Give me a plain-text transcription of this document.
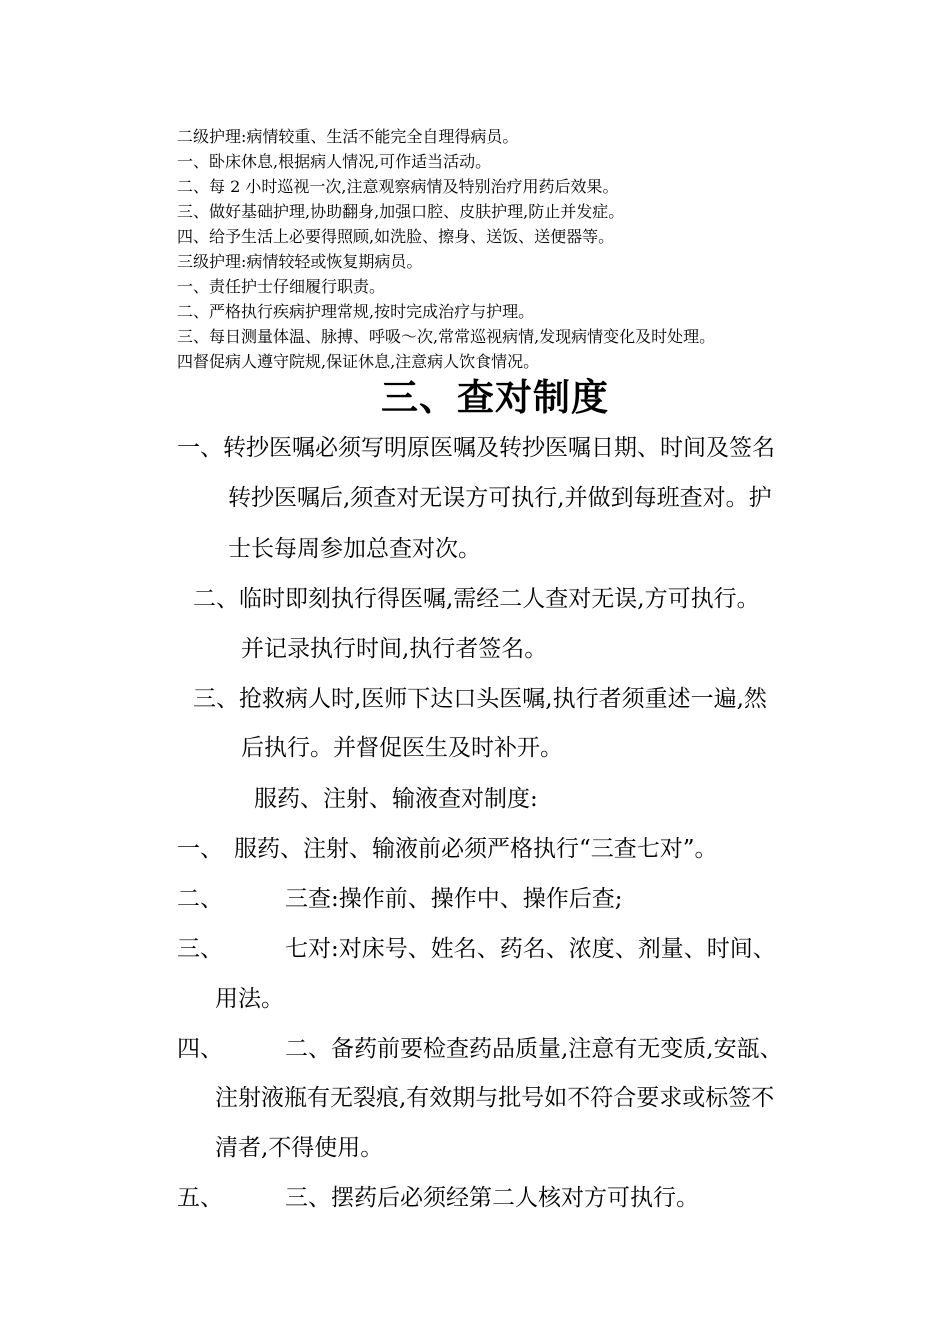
二级护理:病情较重、生活不能完全自理得病员。
一、卧床休息,根据病人情况,可作适当活动。
二、每 2 小时巡视一次,注意观察病情及特别治疗用药后效果。
三、做好基础护理,协助翻身,加强口腔、皮肤护理,防止并发症。
四、给予生活上必要得照顾,如洗脸、擦身、送饭、送便器等。
三级护理:病情较轻或恢复期病员。
一、责任护士仔细履行职责。
二、严格执行疾病护理常规,按时完成治疗与护理。
三、每日测量体温、脉搏、呼吸～次,常常巡视病情,发现病情变化及时处理。
四督促病人遵守院规,保证休息,注意病人饮食情况。
三、查对制度
一、转抄医嘱必须写明原医嘱及转抄医嘱日期、时间及签名
转抄医嘱后,须查对无误方可执行,并做到每班查对。护
士长每周参加总查对次。
二、临时即刻执行得医嘱,需经二人查对无误,方可执行。
并记录执行时间,执行者签名。
三、抢救病人时,医师下达口头医嘱,执行者须重述一遍,然
后执行。并督促医生及时补开。
服药、注射、输液查对制度:
一、 服药、注射、输液前必须严格执行“三查七对”。
二、	三查:操作前、操作中、操作后查;
三、	七对:对床号、姓名、药名、浓度、剂量、时间、
用法。
四、	二、备药前要检查药品质量,注意有无变质,安瓿、
注射液瓶有无裂痕,有效期与批号如不符合要求或标签不
清者,不得使用。
五、	三、摆药后必须经第二人核对方可执行。
